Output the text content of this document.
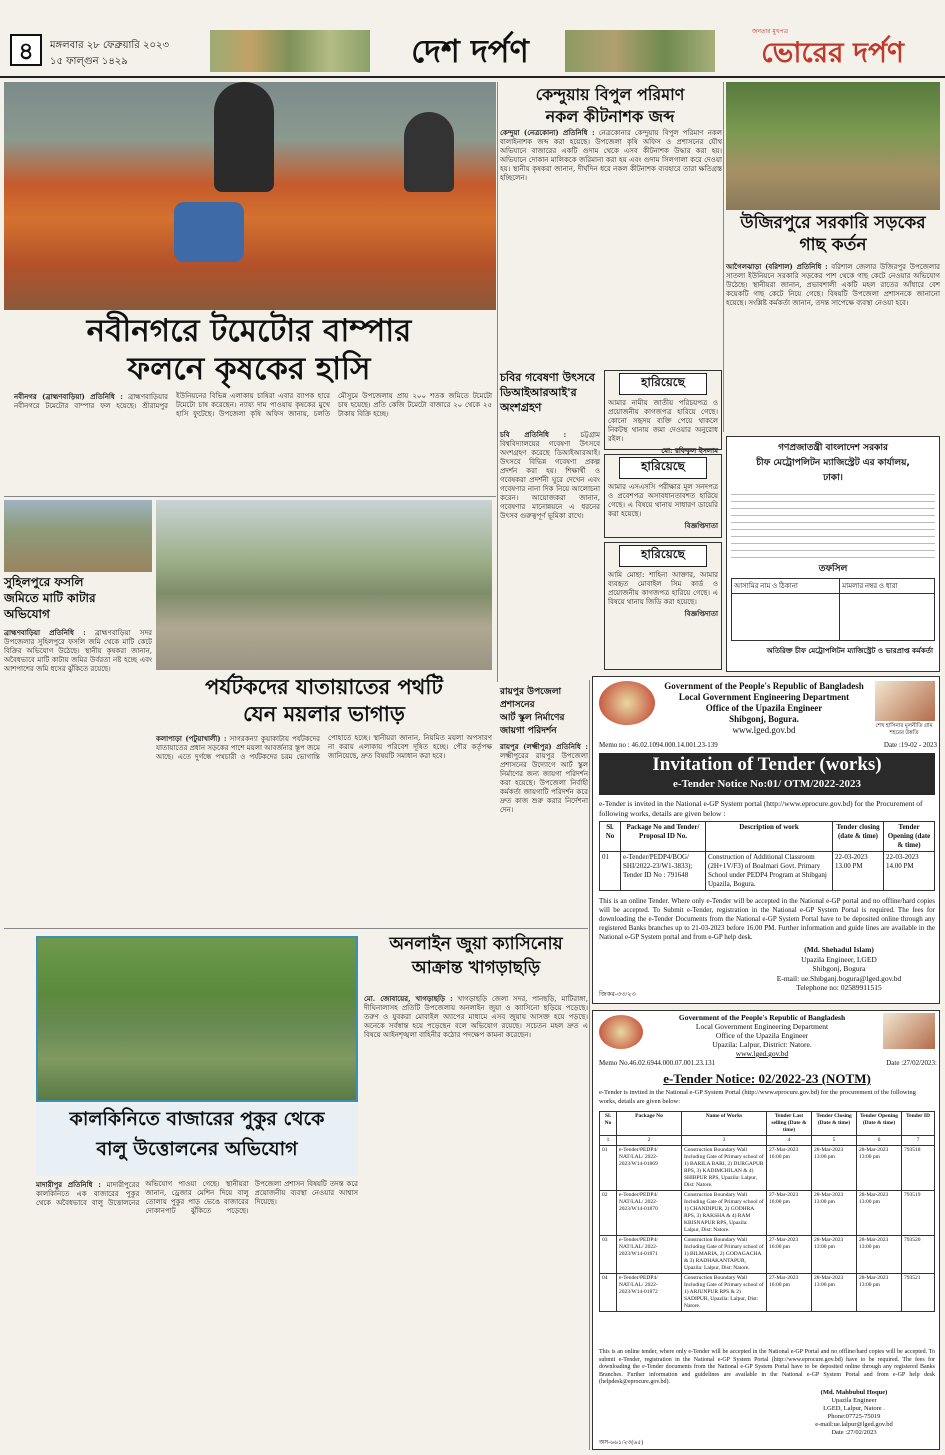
৪	মঙ্গলবার ২৮ ফেব্রুয়ারি ২০২৩
১৫ ফাল্গুন ১৪২৯	দেশ দর্পণ
জনতার মুখপত্র
ভোরের দর্পণ
নবীনগরে টমেটোর বাম্পার
ফলনে কৃষকের হাসি

নবীনগর (ব্রাহ্মণবাড়িয়া) প্রতিনিধি : ব্রাহ্মণবাড়িয়ার নবীনগরে টমেটোর বাম্পার ফল হয়েছে। শ্রীরামপুর ইউনিয়নের বিভিন্ন এলাকায় চাষিরা এবার ব্যাপক হারে টমেটো চাষ করেছেন। ন্যায্য দাম পাওয়ায় কৃষকের মুখে হাসি ফুটেছে। উপজেলা কৃষি অফিস জানায়, চলতি মৌসুমে উপজেলায় প্রায় ২০০ শতক জমিতে টমেটো চাষ হয়েছে। প্রতি কেজি টমেটো বাজারে ২০ থেকে ২৫ টাকায় বিক্রি হচ্ছে।

কেন্দুয়ায় বিপুল পরিমাণ
নকল কীটনাশক জব্দ

কেন্দুয়া (নেত্রকোনা) প্রতিনিধি : নেত্রকোনার কেন্দুয়ায় বিপুল পরিমাণ নকল বালাইনাশক জব্দ করা হয়েছে। উপজেলা কৃষি অফিস ও প্রশাসনের যৌথ অভিযানে বাজারের একটি গুদাম থেকে এসব কীটনাশক উদ্ধার করা হয়। অভিযানে দোকান মালিককে জরিমানা করা হয় এবং গুদাম সিলগালা করে দেওয়া হয়। স্থানীয় কৃষকরা জানান, দীর্ঘদিন ধরে নকল কীটনাশক ব্যবহারে তারা ক্ষতিগ্রস্ত হচ্ছিলেন।

উজিরপুরে সরকারি সড়কের
গাছ কর্তন

আগৈলঝাড়া (বরিশাল) প্রতিনিধি : বরিশাল জেলার উজিরপুর উপজেলার সাতলা ইউনিয়নে সরকারি সড়কের পাশ থেকে গাছ কেটে নেওয়ার অভিযোগ উঠেছে। স্থানীয়রা জানান, প্রভাবশালী একটি মহল রাতের আঁধারে বেশ কয়েকটি গাছ কেটে নিয়ে গেছে। বিষয়টি উপজেলা প্রশাসনকে জানানো হয়েছে। সংশ্লিষ্ট কর্মকর্তা জানান, তদন্ত সাপেক্ষে ব্যবস্থা নেওয়া হবে।

চবির গবেষণা উৎসবে
ডিআইআরআই'র
অংশগ্রহণ

চবি প্রতিনিধি : চট্টগ্রাম বিশ্ববিদ্যালয়ের গবেষণা উৎসবে অংশগ্রহণ করেছে ডিআইআরআই। উৎসবে বিভিন্ন গবেষণা প্রকল্প প্রদর্শন করা হয়। শিক্ষার্থী ও গবেষকরা প্রদর্শনী ঘুরে দেখেন এবং গবেষণার নানা দিক নিয়ে আলোচনা করেন। আয়োজকরা জানান, গবেষণার মানোন্নয়নে এ ধরনের উৎসব গুরুত্বপূর্ণ ভূমিকা রাখে।

হারিয়েছে
আমার নামীয় জাতীয় পরিচয়পত্র ও প্রয়োজনীয় কাগজপত্র হারিয়ে গেছে। কোনো সহৃদয় ব্যক্তি পেয়ে থাকলে নিকটস্থ থানায় জমা দেওয়ার অনুরোধ রইল।
মো: রফিকুল ইসলাম
হারিয়েছে
আমার এসএসসি পরীক্ষার মূল সনদপত্র ও প্রবেশপত্র অসাবধানতাবশত হারিয়ে গেছে। এ বিষয়ে থানায় সাধারণ ডায়েরি করা হয়েছে।
বিজ্ঞপ্তিদাতা
হারিয়েছে
আমি মোছা: শাহিনা আক্তার, আমার ব্যবহৃত মোবাইল সিম কার্ড ও প্রয়োজনীয় কাগজপত্র হারিয়ে গেছে। এ বিষয়ে থানায় জিডি করা হয়েছে।
বিজ্ঞপ্তিদাতা
গণপ্রজাতন্ত্রী বাংলাদেশ সরকার
চীফ মেট্রোপলিটন ম্যাজিস্ট্রেট এর কার্যালয়,
ঢাকা।
তফসিল
আসামির নাম ও ঠিকানা	মামলার নম্বর ও ধারা

অতিরিক্ত চীফ মেট্রোপলিটন ম্যাজিস্ট্রেট ও ভারপ্রাপ্ত কর্মকর্তা
Government of the People's Republic of Bangladesh
Local Government Engineering Department
Office of the Upazila Engineer
Shibgonj, Bogura.
www.lged.gov.bd	শেখ হাসিনার মূলনীতি গ্রাম শহরের উন্নতি
Memo no : 46.02.1094.000.14.001.23-139	Date :19-02 - 2023
Invitation of Tender (works)
e-Tender Notice No:01/ OTM/2022-2023
e-Tender is invited in the National e-GP System portal (http://www.eprocure.gov.bd) for the Procurement of following works, details are given below :
Sl. No	Package No and Tender/ Proposal ID No.	Description of work	Tender closing (date & time)	Tender Opening (date & time)
01	e-Tender/PEDP4/BOG/ SHI/2022-23/W1-3833); Tender ID No : 791648	Construction of Additional Classroom (2H+1V/F3) of Boalmari Govt. Primary School under PEDP4 Program at Shibganj Upazila, Bogura.	22-03-2023 13.00 PM	22-03-2023 14.00 PM
This is an online Tender. Where only e-Tender will be accepted in the National e-GP portal and no offline/hard copies will be accepted. To Submit e-Tender, registration in the National e-GP System Portal is required. The fees for downloading the e-Tender Documents from the National e-GP System Portal have to be deposited online through any registered Banks branches up to 21-03-2023 before 16.00 PM. Further information and guide lines are available in the National e-GP System portal and from e-GP help desk.
(Md. Shehadul Islam)
Upazila Engineer, LGED
Shibgonj, Bogura
E-mail: ue.Shibganj.bogura@lged.gov.bd
Telephone no: 02589911515
জিকর-৩৩/২৩
সুহিলপুরে ফসলি
জমিতে মাটি কাটার
অভিযোগ

ব্রাহ্মণবাড়িয়া প্রতিনিধি : ব্রাহ্মণবাড়িয়া সদর উপজেলার সুহিলপুরে ফসলি জমি থেকে মাটি কেটে বিক্রির অভিযোগ উঠেছে। স্থানীয় কৃষকরা জানান, অবৈধভাবে মাটি কাটায় জমির উর্বরতা নষ্ট হচ্ছে এবং আশপাশের জমি ধসের ঝুঁকিতে রয়েছে।

পর্যটকদের যাতায়াতের পথটি
যেন ময়লার ভাগাড়

কলাপাড়া (পটুয়াখালী) : সাগরকন্যা কুয়াকাটায় পর্যটকদের যাতায়াতের প্রধান সড়কের পাশে ময়লা আবর্জনার স্তূপ জমে আছে। এতে দুর্গন্ধে পথচারী ও পর্যটকদের চরম ভোগান্তি পোহাতে হচ্ছে। স্থানীয়রা জানান, নিয়মিত ময়লা অপসারণ না করায় এলাকায় পরিবেশ দূষিত হচ্ছে। পৌর কর্তৃপক্ষ জানিয়েছে, দ্রুত বিষয়টি সমাধান করা হবে।

রায়পুর উপজেলা প্রশাসনের
আর্ট স্কুল নির্মাণের
জায়গা পরিদর্শন

রায়পুর (লক্ষ্মীপুর) প্রতিনিধি : লক্ষ্মীপুরের রায়পুর উপজেলা প্রশাসনের উদ্যোগে আর্ট স্কুল নির্মাণের জন্য জায়গা পরিদর্শন করা হয়েছে। উপজেলা নির্বাহী কর্মকর্তা জায়গাটি পরিদর্শন করে দ্রুত কাজ শুরু করার নির্দেশনা দেন।

অনলাইন জুয়া ক্যাসিনোয়
আক্রান্ত খাগড়াছড়ি

মো. জোবায়ের, খাগড়াছড়ি : খাগড়াছড়ি জেলা সদর, পানছড়ি, মাটিরাঙ্গা, দীঘিনালাসহ প্রতিটি উপজেলায় অনলাইন জুয়া ও ক্যাসিনো ছড়িয়ে পড়েছে। তরুণ ও যুবকরা মোবাইল অ্যাপের মাধ্যমে এসব জুয়ায় আসক্ত হয়ে পড়ছে। অনেকে সর্বস্বান্ত হয়ে পড়েছেন বলে অভিযোগ রয়েছে। সচেতন মহল দ্রুত এ বিষয়ে আইনশৃঙ্খলা বাহিনীর কঠোর পদক্ষেপ কামনা করেছেন।

কালকিনিতে বাজারের পুকুর থেকে
বালু উত্তোলনের অভিযোগ

মাদারীপুর প্রতিনিধি : মাদারীপুরের কালকিনিতে এক বাজারের পুকুর থেকে অবৈধভাবে বালু উত্তোলনের অভিযোগ পাওয়া গেছে। স্থানীয়রা জানান, ড্রেজার মেশিন দিয়ে বালু তোলায় পুকুর পাড় ভেঙে বাজারের দোকানপাট ঝুঁকিতে পড়েছে। উপজেলা প্রশাসন বিষয়টি তদন্ত করে প্রয়োজনীয় ব্যবস্থা নেওয়ার আশ্বাস দিয়েছে।

Government of the People's Republic of Bangladesh
Local Government Engineering Department
Office of the Upazila Engineer
Upazila: Lalpur, District: Natore.
www.lged.gov.bd
Memo No.46.02.6944.000.07.001.23.131	Date :27/02/2023:
e-Tender Notice: 02/2022-23 (NOTM)
e-Tender is invited in the National e-GP System Portal (http://www.eprocure.gov.bd) for the procurement of the following works, details are given below:
Sl. No	Package No	Name of Works	Tender Last selling (Date & time)	Tender Closing (Date & time)	Tender Opening (Date & time)	Tender ID
1	2	3	4	5	6	7
01	e-Tender/PEDP4/ NAT/LAL/ 2022-2023/W14-01869	Construction Boundary Wall Including Gate of Primary school of 1) BARILA BARI, 2) DURGAPUR RPS, 3) KADIMCHILAN & 4) SHIBPUR RPS, Upazila: Lalpur, Dist: Natore.	27-Mar-2023 16:00 pm	28-Mar-2023 13:00 pm	28-Mar-2023 13:00 pm	793518
02	e-Tender/PEDP4/ NAT/LAL/ 2022-2023/W14-01870	Construction Boundary Wall Including Gate of Primary school of 1) CHANDIPUR, 2) GODHRA RPS, 3) RAKSHA & 4) RAM KRISNAPUR RPS, Upazila: Lalpur, Dist: Natore.	27-Mar-2023 16:00 pm	28-Mar-2023 13:00 pm	28-Mar-2023 13:00 pm	793519
03	e-Tender/PEDP4/ NAT/LAL/ 2022-2023/W14-01871	Construction Boundary Wall Including Gate of Primary school of 1) BILMARIA, 2) GODAGACHA & 3) RADHAKANTAPUR, Upazila: Lalpur, Dist: Natore.	27-Mar-2023 16:00 pm	28-Mar-2023 13:00 pm	28-Mar-2023 13:00 pm	793520
04	e-Tender/PEDP4/ NAT/LAL/ 2022-2023/W14-01872	Construction Boundary Wall Including Gate of Primary school of 1) ARJUNPUR RPS & 2) SADIPUR, Upazila: Lalpur, Dist: Natore.	27-Mar-2023 16:00 pm	28-Mar-2023 13:00 pm	28-Mar-2023 13:00 pm	793521
This is an online tender, where only e-Tender will be accepted in the National e-GP Portal and no offline/hard copies will be accepted. To submit e-Tender, registration in the National e-GP System Portal (http://www.eprocure.gov.bd) have to be required. The fees for downloading the e-Tender documents from the National e-GP System Portal have to be deposited online through any registered Banks Branches. Further information and guidelines are available in the National e-GP System Portal and from e-GP help desk (helpdesk@eprocure.gov.bd).
(Md. Mahbubul Hoque)
Upazila Engineer
LGED, Lalpur, Natore .
Phone:07725-75019
e-mail:ue.lalpur@lged.gov.bd
Date :27/02/2023
অস-৬৬১/২৩(৬৫)
